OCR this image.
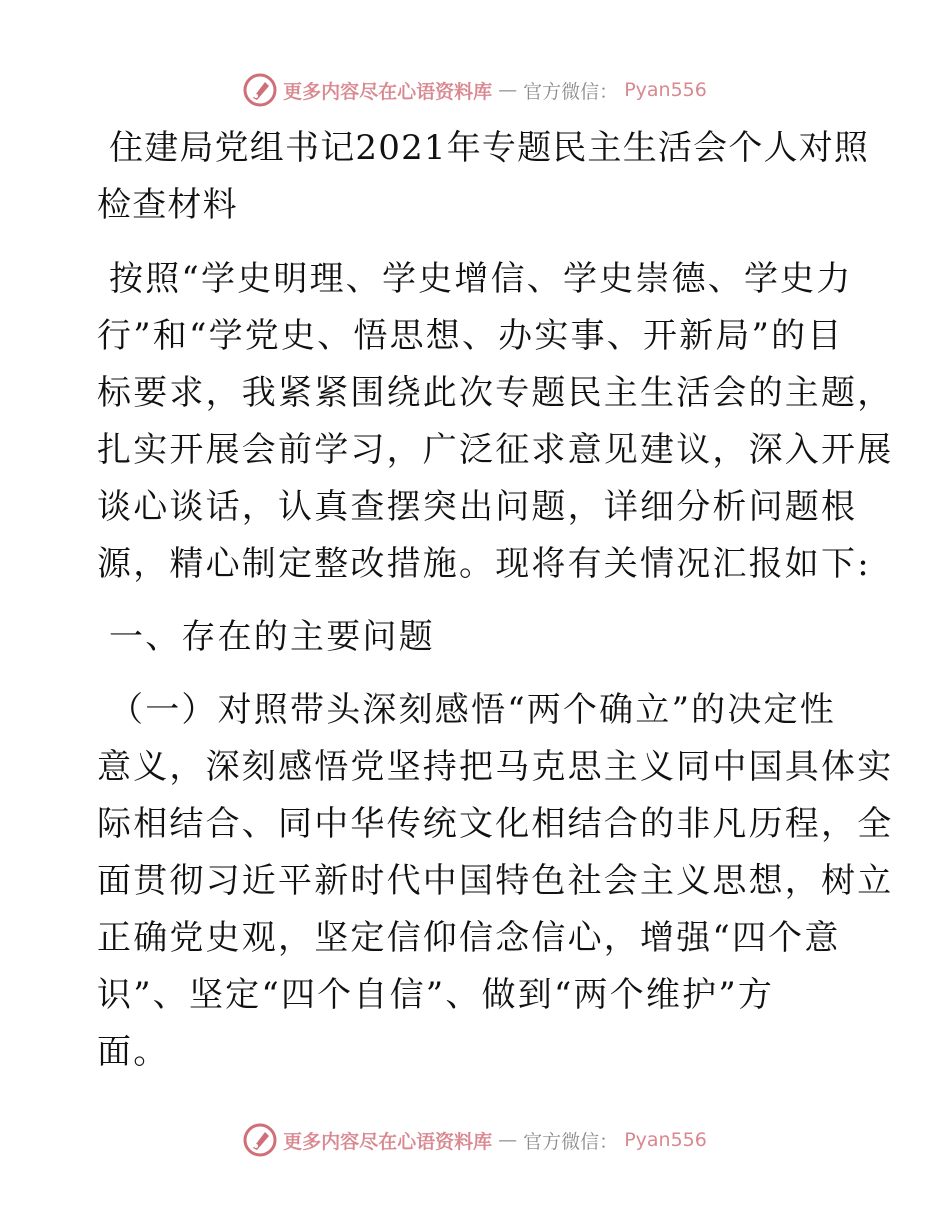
更多内容尽在心语资料库 — 官方微信： Pyan556
住建局党组书记2021年专题民主生活会个人对照
检查材料
按照“学史明理、学史增信、学史崇德、学史力
行”和“学党史、悟思想、办实事、开新局”的目
标要求，我紧紧围绕此次专题民主生活会的主题，
扎实开展会前学习，广泛征求意见建议，深入开展
谈心谈话，认真查摆突出问题，详细分析问题根
源，精心制定整改措施。现将有关情况汇报如下:
一、存在的主要问题
（一）对照带头深刻感悟“两个确立”的决定性
意义，深刻感悟党坚持把马克思主义同中国具体实
际相结合、同中华传统文化相结合的非凡历程，全
面贯彻习近平新时代中国特色社会主义思想，树立
正确党史观，坚定信仰信念信心，增强“四个意
识”、坚定“四个自信”、做到“两个维护”方
面。
更多内容尽在心语资料库 — 官方微信： Pyan556
